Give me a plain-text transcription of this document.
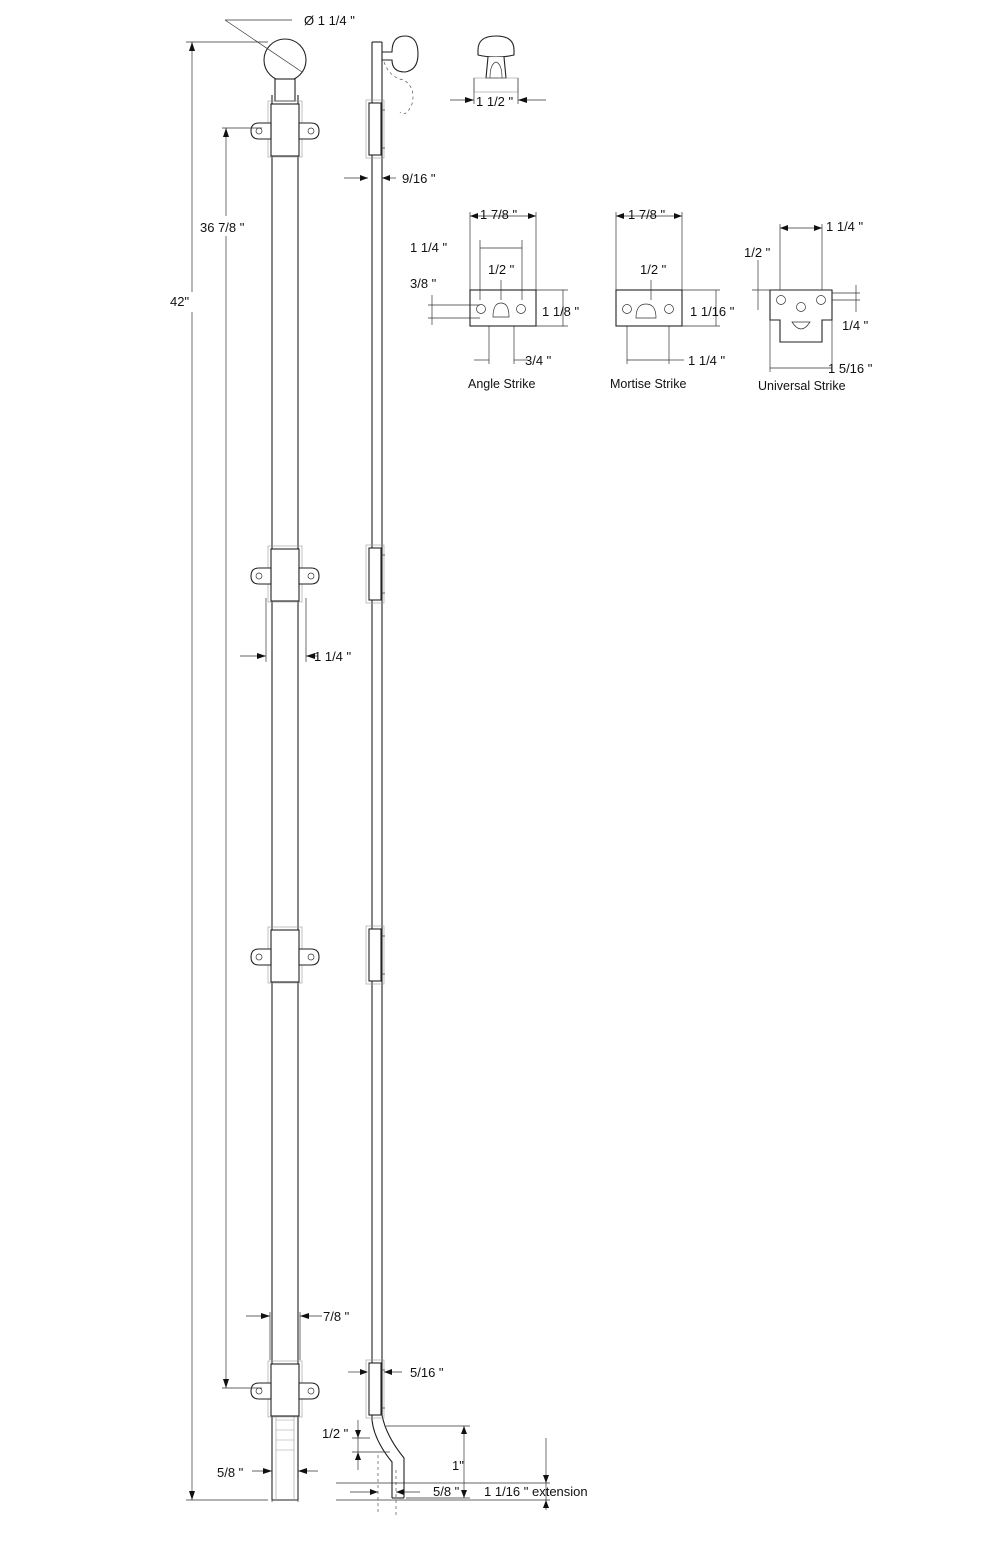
Ø 1 1/4 "
42"
36 7/8 "
1 1/4 "
7/8 "
5/8 "
9/16 "
5/16 "
1/2 "
1"
5/8 " 1 1/16 " extension
1 1/2 "
1 7/8 "
1 1/4 "
1/2 "
3/8 "
1 1/8 "
3/4 "
Angle Strike
1 7/8 "
1/2 "
1 1/16 "
1 1/4 "
Mortise Strike
1 1/4 "
1/2 "
1/4 "
1 5/16 "
Universal Strike
